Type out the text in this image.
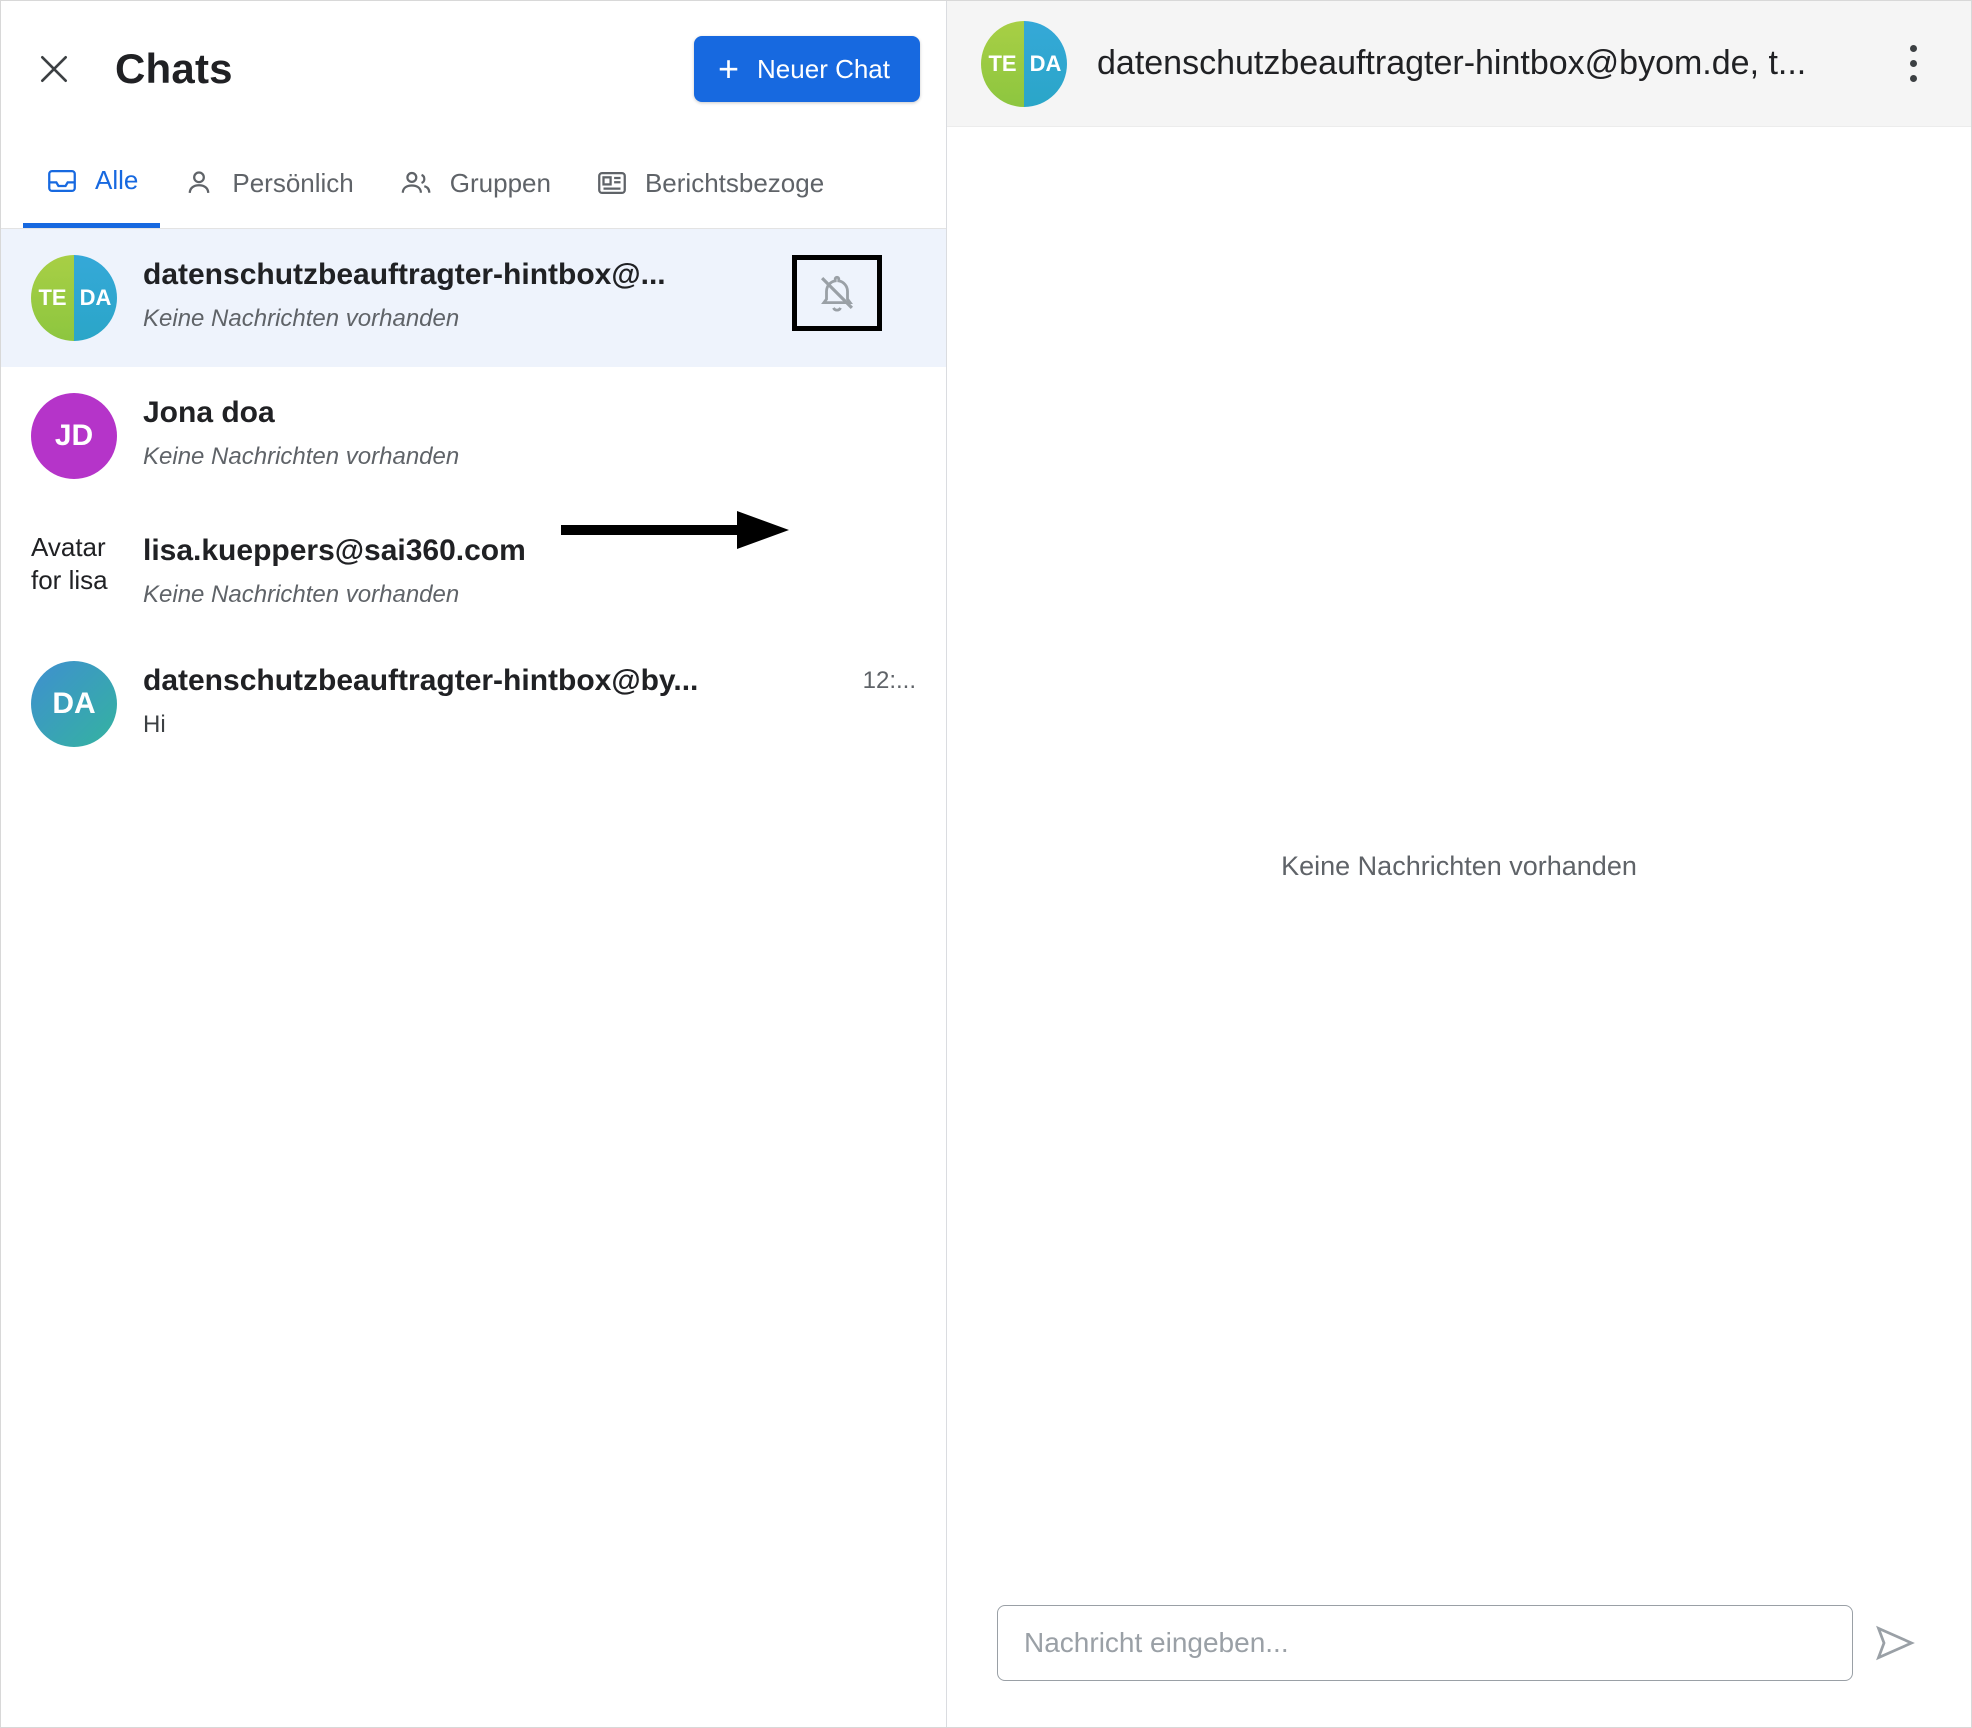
Chats	+ Neuer Chat
Alle	Persönlich	Gruppen	Berichtsbezoge
TE DA
datenschutzbeauftragter-hintbox@...
Keine Nachrichten vorhanden
JD
Jona doa
Keine Nachrichten vorhanden
Avatar for lisa
lisa.kueppers@sai360.com
Keine Nachrichten vorhanden
DA
datenschutzbeauftragter-hintbox@by...
Hi
12:...
TE DA datenschutzbeauftragter-hintbox@byom.de, t...
Keine Nachrichten vorhanden
Nachricht eingeben...
